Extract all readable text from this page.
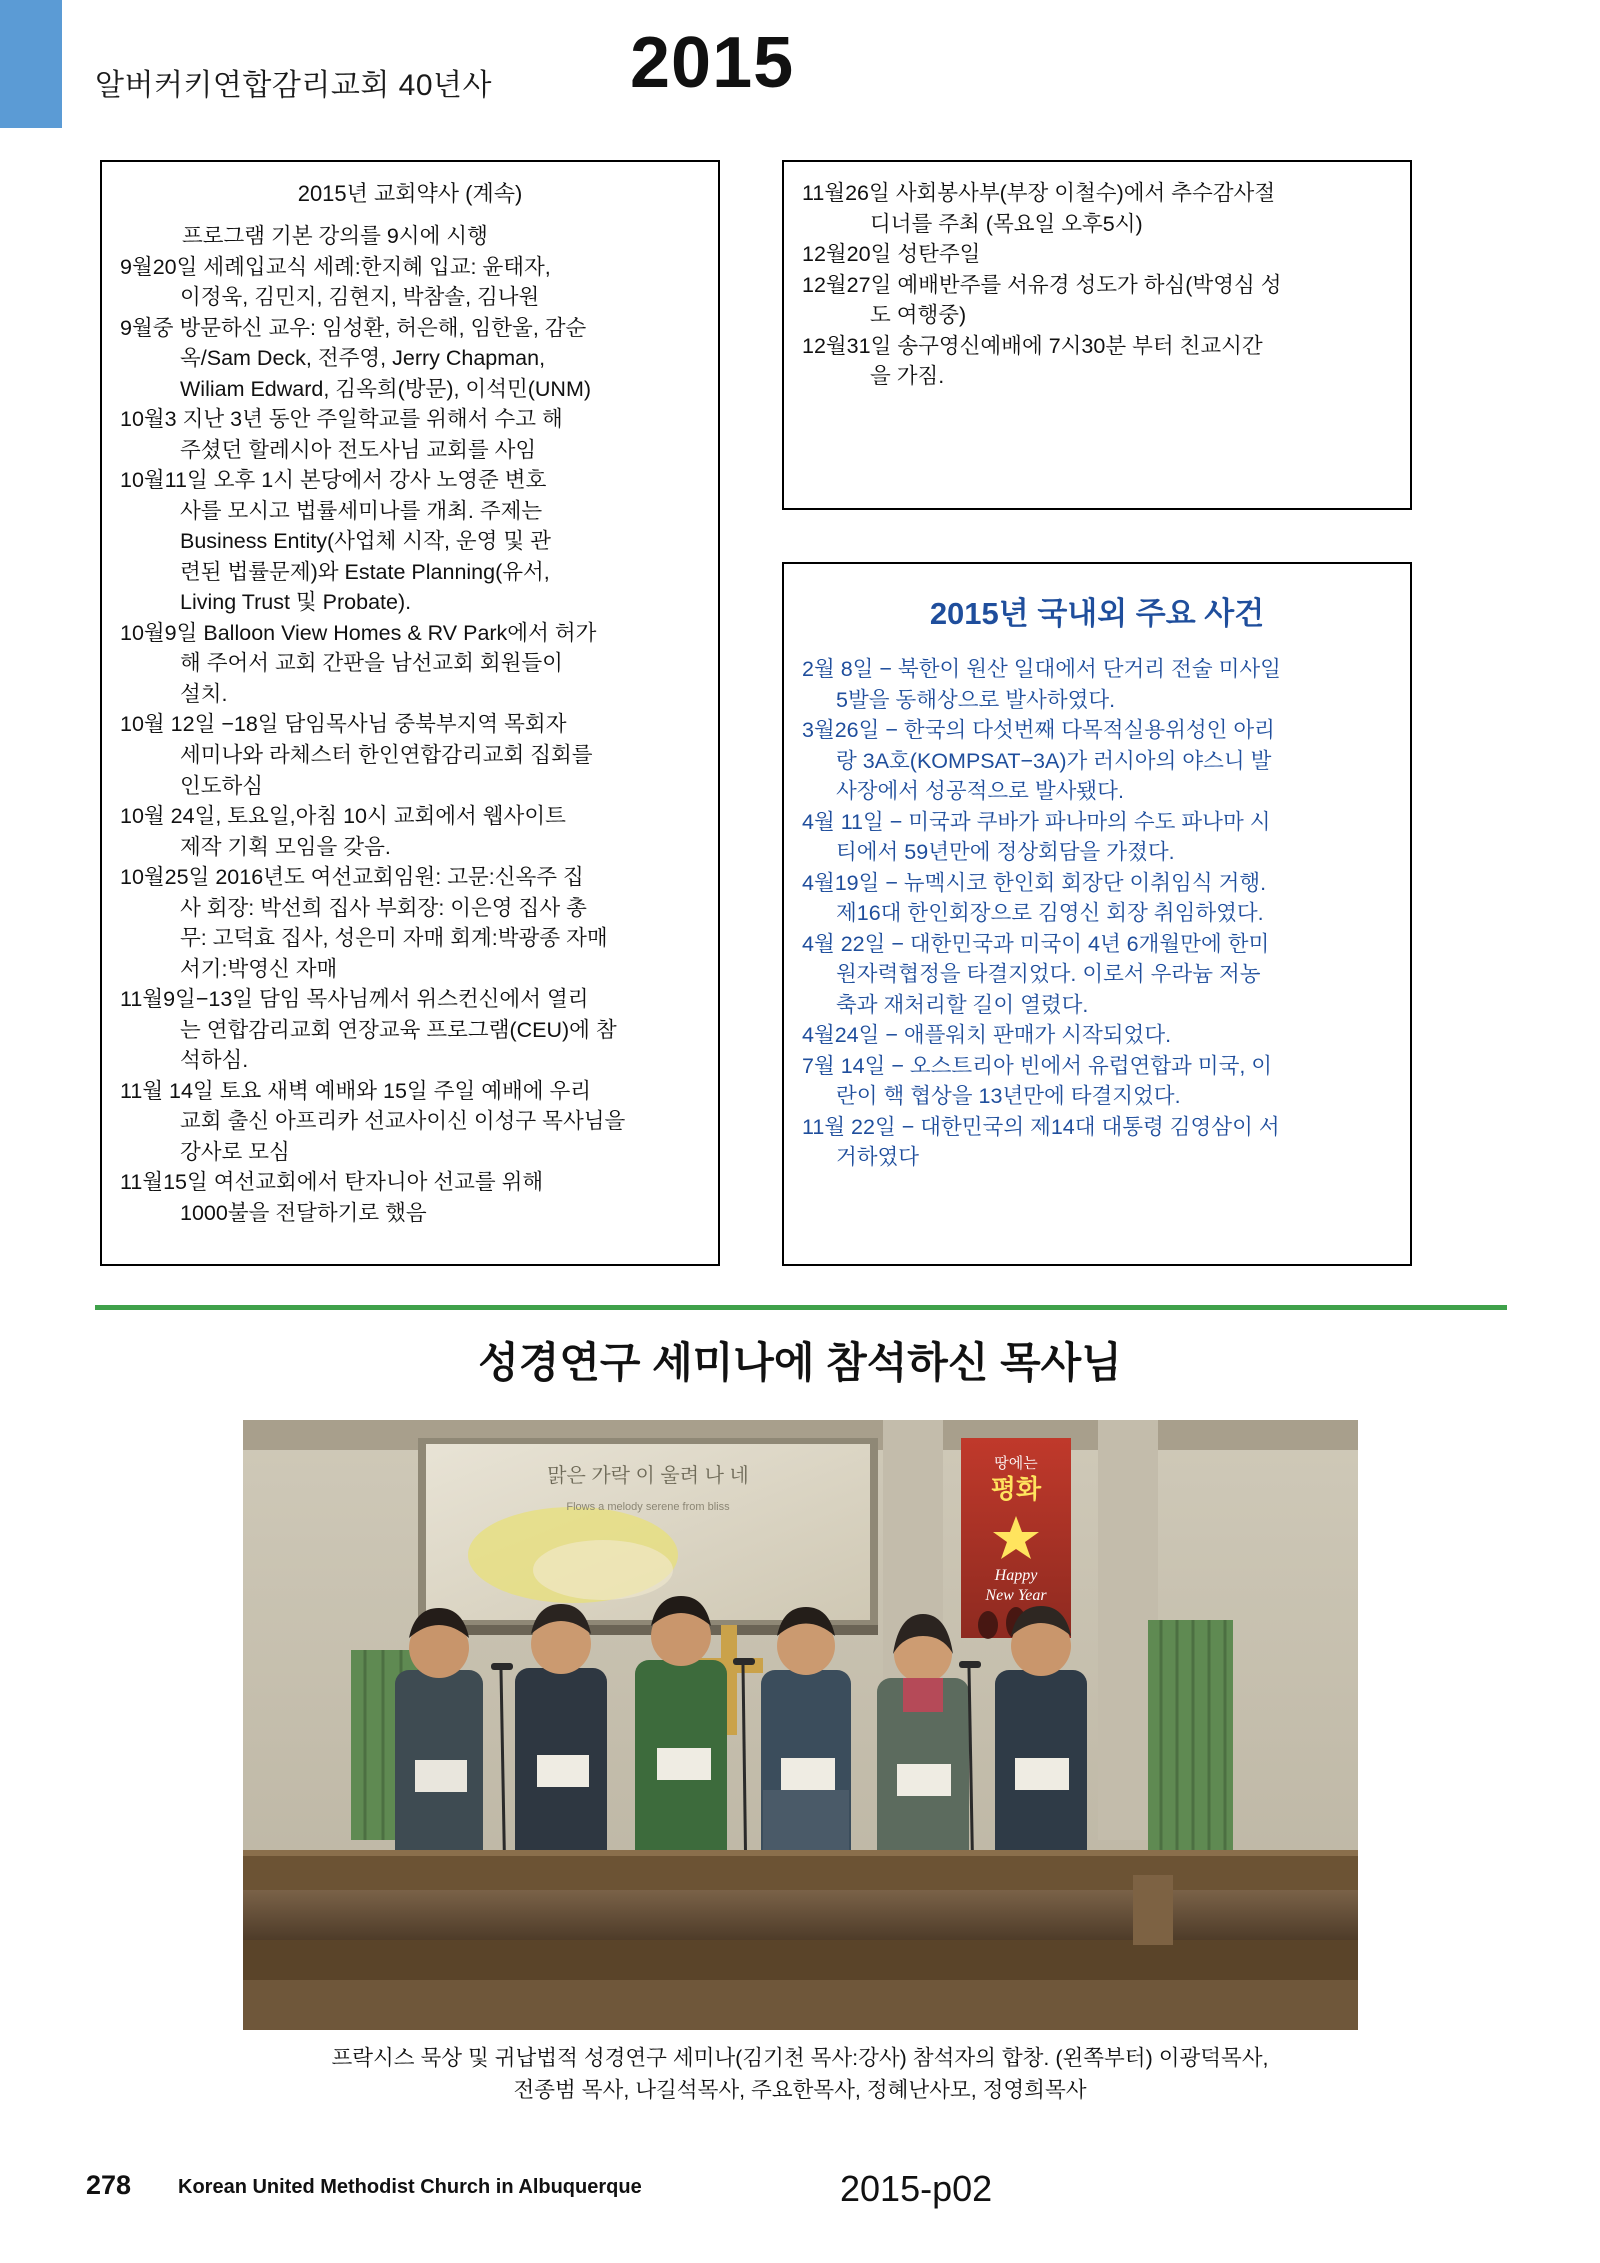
알버커키연합감리교회 40년사 2015
2015년 교회약사 (계속)
프로그램 기본 강의를 9시에 시행
9월20일 세례입교식 세례:한지혜 입교: 윤태자,
이정욱, 김민지, 김현지, 박참솔, 김나원
9월중 방문하신 교우: 임성환, 허은해, 임한울, 감순
옥/Sam Deck, 전주영, Jerry Chapman,
Wiliam Edward, 김옥희(방문), 이석민(UNM)
10월3 지난 3년 동안 주일학교를 위해서 수고 해
주셨던 할레시아 전도사님 교회를 사임
10월11일 오후 1시 본당에서 강사 노영준 변호
사를 모시고 법률세미나를 개최. 주제는
Business Entity(사업체 시작, 운영 및 관
련된 법률문제)와 Estate Planning(유서,
Living Trust 및 Probate).
10월9일 Balloon View Homes & RV Park에서 허가
해 주어서 교회 간판을 남선교회 회원들이
설치.
10월 12일 −18일 담임목사님 중북부지역 목회자
세미나와 라체스터 한인연합감리교회 집회를
인도하심
10월 24일, 토요일,아침 10시 교회에서 웹사이트
제작 기획 모임을 갖음.
10월25일 2016년도 여선교회임원: 고문:신옥주 집
사 회장: 박선희 집사 부회장: 이은영 집사 총
무: 고덕효 집사, 성은미 자매 회계:박광종 자매
서기:박영신 자매
11월9일−13일 담임 목사님께서 위스컨신에서 열리
는 연합감리교회 연장교육 프로그램(CEU)에 참
석하심.
11월 14일 토요 새벽 예배와 15일 주일 예배에 우리
교회 출신 아프리카 선교사이신 이성구 목사님을
강사로 모심
11월15일 여선교회에서 탄자니아 선교를 위해
1000불을 전달하기로 했음
11월26일 사회봉사부(부장 이철수)에서 추수감사절
디너를 주최 (목요일 오후5시)
12월20일 성탄주일
12월27일 예배반주를 서유경 성도가 하심(박영심 성
도 여행중)
12월31일 송구영신예배에 7시30분 부터 친교시간
을 가짐.
2015년 국내외 주요 사건
2월 8일 − 북한이 원산 일대에서 단거리 전술 미사일
5발을 동해상으로 발사하였다.
3월26일 − 한국의 다섯번째 다목적실용위성인 아리
랑 3A호(KOMPSAT−3A)가 러시아의 야스니 발
사장에서 성공적으로 발사됐다.
4월 11일 − 미국과 쿠바가 파나마의 수도 파나마 시
티에서 59년만에 정상회담을 가졌다.
4월19일 − 뉴멕시코 한인회 회장단 이취임식 거행.
제16대 한인회장으로 김영신 회장 취임하였다.
4월 22일 − 대한민국과 미국이 4년 6개월만에 한미
원자력협정을 타결지었다. 이로서 우라늄 저농
축과 재처리할 길이 열렸다.
4월24일 − 애플워치 판매가 시작되었다.
7월 14일 − 오스트리아 빈에서 유럽연합과 미국, 이
란이 핵 협상을 13년만에 타결지었다.
11월 22일 − 대한민국의 제14대 대통령 김영삼이 서
거하였다
성경연구 세미나에 참석하신 목사님
맑은 가락 이 울려 나 네
Flows a melody serene from bliss
땅에는
평화
Happy
New Year
프락시스 묵상 및 귀납법적 성경연구 세미나(김기천 목사:강사) 참석자의 합창. (왼쪽부터) 이광덕목사,
전종범 목사, 나길석목사, 주요한목사, 정혜난사모, 정영희목사
278 Korean United Methodist Church in Albuquerque	2015-p02
